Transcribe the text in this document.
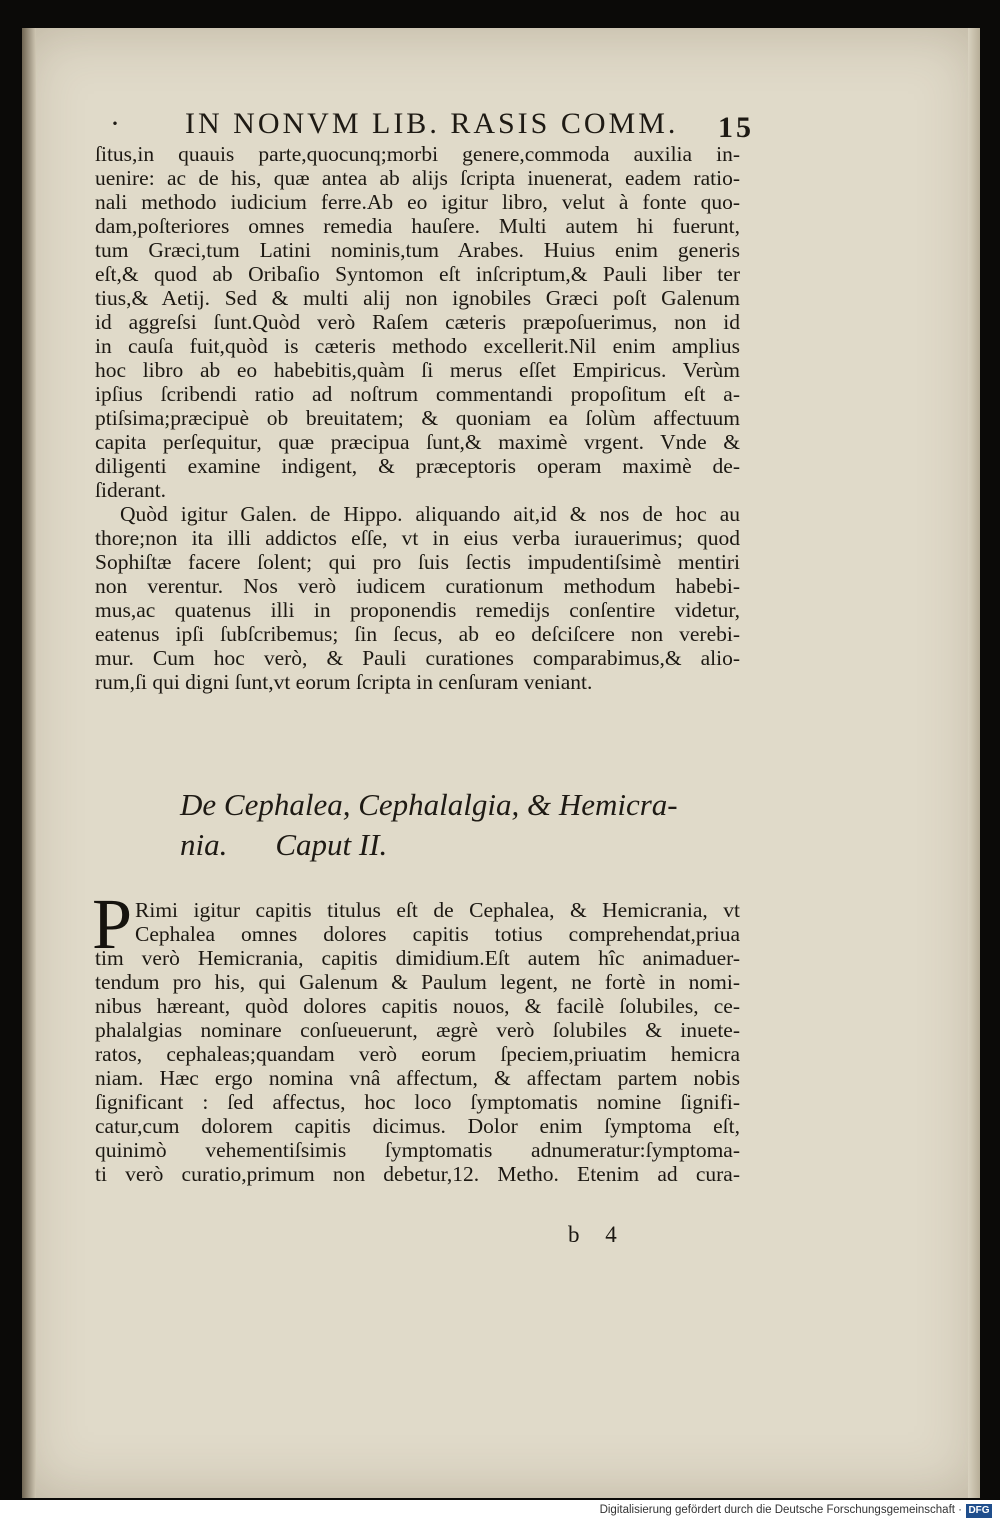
· IN NONVM LIB. RASIS COMM. 15
ſitus,in quauis parte,quocunq;morbi genere,commoda auxilia in-
uenire: ac de his, quæ antea ab alijs ſcripta inuenerat, eadem ratio-
nali methodo iudicium ferre.Ab eo igitur libro, velut à fonte quo-
dam,poſteriores omnes remedia hauſere. Multi autem hi fuerunt,
tum Græci,tum Latini nominis,tum Arabes. Huius enim generis
eſt,& quod ab Oribaſio Syntomon eſt inſcriptum,& Pauli liber ter
tius,& Aetij. Sed & multi alij non ignobiles Græci poſt Galenum
id aggreſsi ſunt.Quòd verò Raſem cæteris præpoſuerimus, non id
in cauſa fuit,quòd is cæteris methodo excellerit.Nil enim amplius
hoc libro ab eo habebitis,quàm ſi merus eſſet Empiricus. Verùm
ipſius ſcribendi ratio ad noſtrum commentandi propoſitum eſt a-
ptiſsima;præcipuè ob breuitatem; & quoniam ea ſolùm affectuum
capita perſequitur, quæ præcipua ſunt,& maximè vrgent. Vnde &
diligenti examine indigent, & præceptoris operam maximè de-
ſiderant.
Quòd igitur Galen. de Hippo. aliquando ait,id & nos de hoc au
thore;non ita illi addictos eſſe, vt in eius verba iurauerimus; quod
Sophiſtæ facere ſolent; qui pro ſuis ſectis impudentiſsimè mentiri
non verentur. Nos verò iudicem curationum methodum habebi-
mus,ac quatenus illi in proponendis remedijs conſentire videtur,
eatenus ipſi ſubſcribemus; ſin ſecus, ab eo deſciſcere non verebi-
mur. Cum hoc verò, & Pauli curationes comparabimus,& alio-
rum,ſi qui digni ſunt,vt eorum ſcripta in cenſuram veniant.
De Cephalea, Cephalalgia, & Hemicra-
nia. Caput II.
P Rimi igitur capitis titulus eſt de Cephalea, & Hemicrania, vt
Cephalea omnes dolores capitis totius comprehendat,priua
tim verò Hemicrania, capitis dimidium.Eſt autem hîc animaduer-
tendum pro his, qui Galenum & Paulum legent, ne fortè in nomi-
nibus hæreant, quòd dolores capitis nouos, & facilè ſolubiles, ce-
phalalgias nominare conſueuerunt, ægrè verò ſolubiles & inuete-
ratos, cephaleas;quandam verò eorum ſpeciem,priuatim hemicra
niam. Hæc ergo nomina vnâ affectum, & affectam partem nobis
ſignificant : ſed affectus, hoc loco ſymptomatis nomine ſignifi-
catur,cum dolorem capitis dicimus. Dolor enim ſymptoma eſt,
quinimò vehementiſsimis ſymptomatis adnumeratur:ſymptoma-
ti verò curatio,primum non debetur,12. Metho. Etenim ad cura-
b 4
Digitalisierung gefördert durch die Deutsche Forschungsgemeinschaft · DFG
